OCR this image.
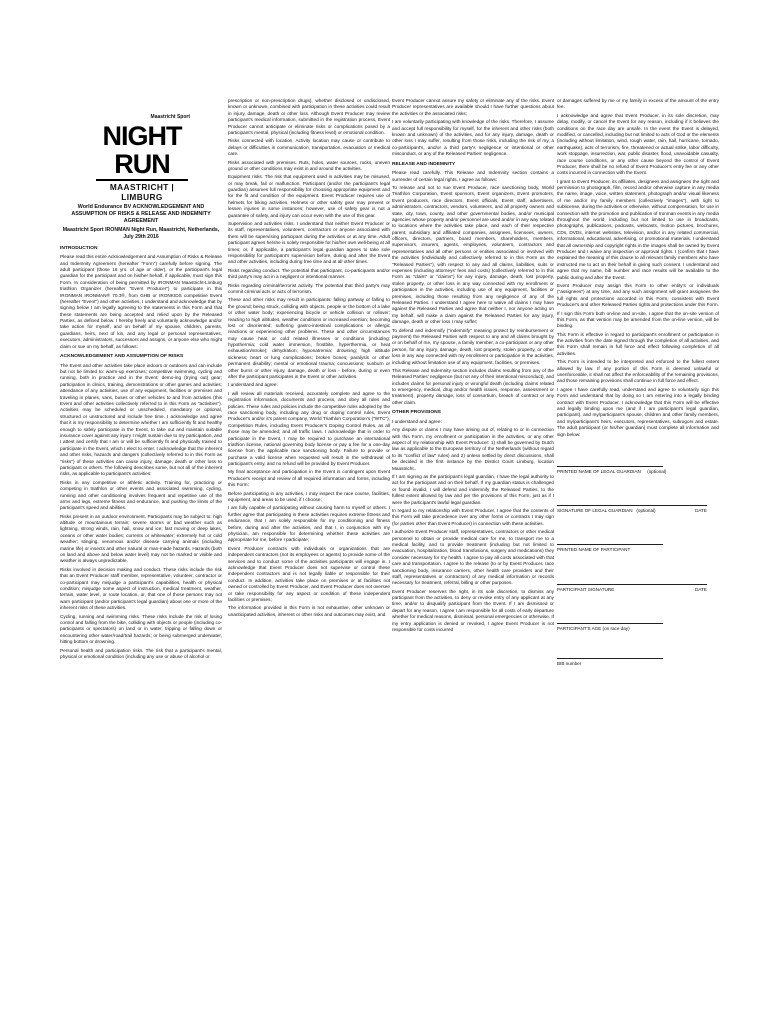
Maastricht Sport
NIGHT RUN
MAASTRICHT | LIMBURG

World Endurance BV ACKNOWLEDGEMENT AND ASSUMPTION OF RISKS & RELEASE AND INDEMNITY AGREEMENT

Maastricht Sport IRONMAN Night Run, Maastricht, Netherlands, July 29th 2016

INTRODUCTION

Please read this entire Acknowledgement and Assumption of Risks & Release and Indemnity Agreement (hereafter "Form") carefully before signing. The adult participant (those 18 yrs. of age or older), or the participant's legal guardian for the participant and on his/her behalf, if applicable, must sign this Form. In consideration of being permitted by IRONMAN Maastricht-Limburg triathlon Organizer (hereafter "Event Producer") to participate in this IRONMAN IRONMAN® 70.3®, from GHB or IRONKIDS competitive Event (hereafter "Event") and other activities, I understand and acknowledge that by signing below I am legally agreeing to the statements in this Form and that these statements are being accepted and relied upon by the Released Parties, as defined below. I hereby freely and voluntarily acknowledge and/or take action for myself, and on behalf of my spouse, children, parents, guardians, heirs, next of kin, and any legal or personal representatives, executors, administrators, successors and assigns, or anyone else who might claim or sue on my behalf, as follows:

ACKNOWLEDGEMENT AND ASSUMPTION OF RISKS

The Event and other activities take place indoors or outdoors and can include but not be limited to: warm-up exercises; competitive swimming, cycling and running, both in practice and in the Event; demo-ing (trying out) gear; participation in clinics, training, demonstrations or other games and activities; attendance of any activities, use of any equipment, facilities or premises and traveling in planes, vans, buses or other vehicles to and from activities (this Event and other activities collectively referred to in this Form as "activities"). Activities may be scheduled or unscheduled, mandatory or optional, structured or unstructured and include free time. I acknowledge and agree that it is my responsibility to determine whether I am sufficiently fit and healthy enough to safely participate in the Event, to take out and maintain suitable insurance cover against any injury I might sustain due to my participation, and I attest and certify that I am or will be sufficiently fit and physically trained to participate in the Event, which I elect to enter. I acknowledge that the inherent and other risks, hazards and dangers (collectively referred to in this Form as "risks") of these activities can cause injury, damage, death or other loss to participant or others. The following describes some, but not all of the inherent risks, as applicable to participant's activities:

Risks in any competitive or athletic activity. Training for, practicing or competing in triathlon or other events and associated swimming, cycling, running and other conditioning involves frequent and repetitive use of the arms and legs, extreme fitness and endurance, and pushing the limits of the participant's speed and abilities.

Risks present in an outdoor environment. Participants may be subject to: high altitude or mountainous terrain; severe storms or bad weather such as lightning, strong winds, rain, hail, snow and ice; fast moving or deep lakes, oceans or other water bodies; currents or whitewater; extremely hot or cold weather; stinging, venomous and/or disease carrying animals (including marine life) or insects and other natural or man-made hazards. Hazards (both on land and above and below water level) may not be marked or visible and weather is always unpredictable.

Risks involved in decision making and conduct. These risks include the risk that an Event Producer staff member, representative, volunteer, contractor or co-participant may misjudge a participant's capabilities, health or physical condition; misjudge some aspect of instruction, medical treatment, weather, terrain, water level, or route location, or, that one of those persons may not warn participant (and/or participant's legal guardian) about one or more of the inherent risks of these activities.

Cycling, running and swimming risks. These risks include the risk of losing control and falling from the bike, colliding with objects or people (including co-participants or spectators) on land or in water, tripping or falling down or encountering other water/road/trail hazards; or being submerged underwater, hitting bottom or drowning.

Personal health and participation risks. The risk that a participant's mental, physical or emotional condition (including any use or abuse of alcohol or

prescription or non-prescription drugs), whether disclosed or undisclosed, known or unknown, combined with participation in these activities could result in injury, damage, death or other loss. Although Event Producer may review participant's medical information, submitted in the registration process, Event Producer cannot anticipate or eliminate risks or complications posed by a participant's mental, physical (including fitness level) or emotional condition.

Risks connected with location. Activity location may cause or contribute to delays or difficulties in communication, transportation, evacuation or medical care.

Risks associated with premises. Ruts, holes, water sources, rocks, uneven ground or other conditions may exist in and around the activities.

Equipment risks. The risk that equipment used in activities may be misused, or may break, fail or malfunction. Participant (and/or the participant's legal guardian) assumes full responsibility for choosing appropriate equipment and for the fit and condition of the equipment. Event Producer requires use of helmets for biking activities. Helmets or other safety gear may prevent or lessen injuries in some instances; however, use of safety gear is not a guarantee of safety, and injury can occur even with the use of this gear.

Supervision and activities risks. I understand that neither Event Producer or its staff, representatives, volunteers, contractors or anyone associated with them will be supervising participant during the activities or at any time. Adult participant agrees he/she is solely responsible for his/her own well-being at all times; or, if applicable, a participant's legal guardian agrees to take sole responsibility for participant's supervision before, during and after the Event and other activities, including during free time and at all other times.

Risks regarding conduct. The potential that participant, co-participants and/or third party's may act in a negligent or intentional manner.

Risks regarding criminal/terrorist activity. The potential that third party's may commit criminal acts or acts of terrorism.

These and other risks may result in participants: falling partway or falling to the ground; being struck, colliding with objects, people or the bottom of a lake or other water body; experiencing bicycle or vehicle collision or rollover; reacting to high altitudes, weather conditions or increased exertion; becoming lost or disoriented; suffering gastro-intestinal complications or allergic reactions or experiencing other problems. These and other circumstances may cause heat or cold related illnesses or conditions (including: hypothermia; cold water immersion, frostbite, hyperthermia, or heat exhaustion/stroke); dehydration; hyponatremia; drowning; high altitude sickness; heart or lung complications; broken bones; paralysis or other permanent disability; mental or emotional trauma; concussions; sunburn or other burns or other injury, damage, death or loss - before, during or even after the participant participates in the Event or other activities.

I understand and agree:

I will review all materials received, accurately complete and agree to the registration information, documents and process, and obey all rules and policies. These rules and policies include the competitive rules adopted by the race sanctioning body, including any drug or doping control rules, Event Producer's and/or it's parent company, World Triathlon Corporation's ("WTC"), Competition Rules, including Event Producer's Doping Control Rules, as all those may be amended; and all traffic laws. I acknowledge that in order to participate in the Event, I may be required to purchase an international triathlon license, national governing body license or pay a fee for a one-day license from the applicable race sanctioning body. Failure to provide or purchase a valid license when requested will result in the withdrawal of participant's entry, and no refund will be provided by Event Producer.

My final acceptance and participation in the Event is contingent upon Event Producer's receipt and review of all required information and forms, including this Form;

Before participating in any activities, I may inspect the race course, facilities, equipment, and areas to be used, if I choose;

I am fully capable of participating without causing harm to myself or others. I further agree that participating in these activities requires extreme fitness and endurance, that I am solely responsible for my conditioning and fitness before, during and after the activities, and that I, in conjunction with my physician, am responsible for determining whether these activities are appropriate for me, before I participate;

Event Producer contracts with individuals or organizations that are independent contractors (not its employees or agents) to provide some of the services and to conduct some of the activities participants will engage in. I acknowledge that Event Producer does not supervise or control these independent contractors and is not legally liable or responsible for their conduct. In addition, activities take place on premises or at facilities not owned or controlled by Event Producer, and Event Producer does not oversee or take responsibility for any aspect or condition of these independent facilities or premises;

The information provided in this Form is not exhaustive, other unknown or unanticipated activities, inherent or other risks and outcomes may exist, and

Event Producer cannot assure my safety or eliminate any of the risks. Event Producer representatives are available should I have further questions about the activities or the associated risks;

I am voluntarily participating with knowledge of the risks. Therefore, I assume and accept full responsibility for myself, for the inherent and other risks (both known and unknown) of the activities, and for any injury, damage, death or other loss I may suffer, resulting from those risks, including the risk of my, a co-participant's, and/or a third party's negligence or intentional or other misconduct, or any of the Released Parties' negligence.

RELEASE AND INDEMNITY

Please read carefully. This Release and Indemnity section contains a surrender of certain legal rights. I agree as follows:

To release and not to sue Event Producer, race sanctioning body, World Triathlon Corporation, Event sponsors, Event organizers, Event promoters, Event producers, race directors, Event officials, Event staff, advertisers, administrators, contractors, vendors, volunteers, and all property owners and state, city, town, county, and other governmental bodies, and/or municipal agencies whose property and/or personnel are used and/or in any way related to locations where the activities take place, and each of their respective parent, subsidiary and affiliated companies, assignees, licensees, owners, officers, directors, partners, board members, shareholders, members, supervisors, insurers, agents, employees, volunteers, contractors and representatives and all other persons or entities associated or involved with the activities (individually and collectively referred to in this Form as the "Released Parties"), with respect to any and all claims, liabilities, suits or expenses (including attorneys' fees and costs) (collectively referred to in this Form as "claim" or "claims") for any injury, damage, death, lost property, stolen property, or other loss in any way connected with my enrollment or participation in the activities, including use of any equipment, facilities or premises, including those resulting from any negligence of any of the Released Parties. I understand I agree here to waive all claims I may have against the Released Parties and agree that neither I, nor anyone acting on my behalf, will make a claim against the Released Parties for any injury, damage, death or other loss I may suffer;

To defend and indemnify ("indemnify" meaning protect by reimbursement or payment) the Released Parties with respect to any and all claims brought by or on behalf of me, my spouse, a family member, a co-participant or any other person, for any injury, damage, death, lost property, stolen property, or other loss in any way connected with my enrollment or participation in the activities, including without limitation use of any equipment, facilities, or premises.

This Release and Indemnity section includes claims resulting from any of the Released Parties' negligence (but not any of their intentional misconduct), and includes claims for personal injury or wrongful death (including claims related to emergency, medical, drug and/or health issues, response, assessment or treatment), property damage, loss of consortium, breach of contract or any other claim.

OTHER PROVISIONS

I understand and agree:

Any dispute or claims I may have arising out of, relating to or in connection with this Form, my enrollment or participation in the activities, or any other aspect of my relationship with Event Producer: 1) shall be governed by Dutch law as applicable to the European territory of the Netherlands (without regard to its "conflict of law" rules) and 2) unless settled by direct discussions, shall be decided in the first instance by the District Court Limburg, location Maastricht..

If I am signing as the participant's legal guardian, I have the legal authority to act for the participant and on their behalf. If my guardian status is challenged or found invalid, I will defend and indemnify the Released Parties, to the fullest extent allowed by law and per the provisions of this Form, just as if I were the participant's lawful legal guardian.

In regard to my relationship with Event Producer, I agree that the contents of this Form will take precedence over any other forms or contracts I may sign (for parties other than Event Producer) in connection with these activities.

I authorize Event Producer staff, representatives, contractors or other medical personnel to obtain or provide medical care for me, to transport me to a medical facility, and to provide treatment (including but not limited to evacuation, hospitalization, blood transfusions, surgery and medications) they consider necessary for my health. I agree to pay all costs associated with that care and transportation. I agree to the release (to or by Event Producer, race sanctioning body, insurance carriers, other health care providers and their staff, representatives or contractors) of any medical information or records necessary for treatment, referral, billing or other purposes.

Event Producer reserves the right, in its sole discretion, to dismiss any participant from the activities, to deny or revoke entry of any applicant at any time, and/or to disqualify participant from the Event. If I am dismissed or depart for any reason, I agree I am responsible for all costs of early departure whether for medical reasons, dismissal, personal emergencies or otherwise. If my entry application is denied or revoked, I agree Event Producer is not responsible for costs incurred

or damages suffered by me or my family in excess of the amount of the entry fee.

I acknowledge and agree that Event Producer, in its sole discretion, may delay, modify, or cancel the Event for any reason, including if it believes the conditions on the race day are unsafe. In the event the Event is delayed, modified, or cancelled, including but not limited to acts of God or the elements (including without limitation, wind, rough water, rain, hail, hurricane, tornado, earthquake), acts of terrorism, fire, threatened or actual strike, labor difficulty, work stoppage, insurrection, war, public disaster, flood, unavoidable casualty, race course conditions, or any other cause beyond the control of Event Producer, there shall be no refund of Event Producer's entry fee or any other costs incurred in connection with the Event.

I grant to Event Producer, its affiliates, designees and assignees the right and permission to photograph, film, record and/or otherwise capture in any media the name, image, voice, written statement, photograph and/or visual likeness of me and/or my family members (collectively "images"), with right to sublicense, during the activities or otherwise, without compensation, for use in connection with the promotion and publication of Ironman events in any media throughout the world, including but not limited to use in broadcasts, photographs, publications, podcasts, webcasts, motion pictures, brochures, CDs, DVDs, internet websites, television, and/or in any related commercial, informational, educational, advertising, or promotional materials. I understand that all ownership and copyright rights in the images shall be owned by Event Producer and I waive any inspection or approval rights. I (confirm that I have explained the meaning of this clause to all relevant family members who have instructed me to act on their behalf in giving such consent. I understand and agree that my name, bib number and race results will be available to the public during and after the Event.

Event Producer may assign this Form to other entity's or individuals ("assignees") at any time, and any such assignment will grant assignees the full rights and protections accorded in this Form, consistent with Event Producer's and other Released Parties rights and protections under this Form.

If I sign this Form both on-line and on-site, I agree that the on-site version of this Form, as that version may be amended from the on-line version, will be binding.

This Form is effective in regard to participant's enrollment or participation in the activities from the date signed through the completion of all activities, and this Form shall remain in full force and effect following completion of all activities.

This Form is intended to be interpreted and enforced to the fullest extent allowed by law. If any portion of this Form is deemed unlawful or unenforceable, it shall not affect the enforceability of the remaining provisions, and those remaining provisions shall continue in full force and effect.

I agree I have carefully read, understand and agree to voluntarily sign this Form and understand that by doing so I am entering into a legally binding contract with Event Producer. I acknowledge that this Form will be effective and legally binding upon me (and if I am participant's legal guardian, participant), and my/participant's spouse, children and other family members, and my/participant's heirs, executors, representatives, subrogors and estate. The adult participant (or his/her guardian) must complete all information and sign below:

PRINTED NAME OF LEGAL GUARDIAN (optional)
SIGNATURE OF LEGAL GUARDIAN (optional)	DATE
PRINTED NAME OF PARTICIPANT
PARTICIPANT SIGNATURE	DATE
PARTICIPANT'S AGE (on race day)
BIB number
